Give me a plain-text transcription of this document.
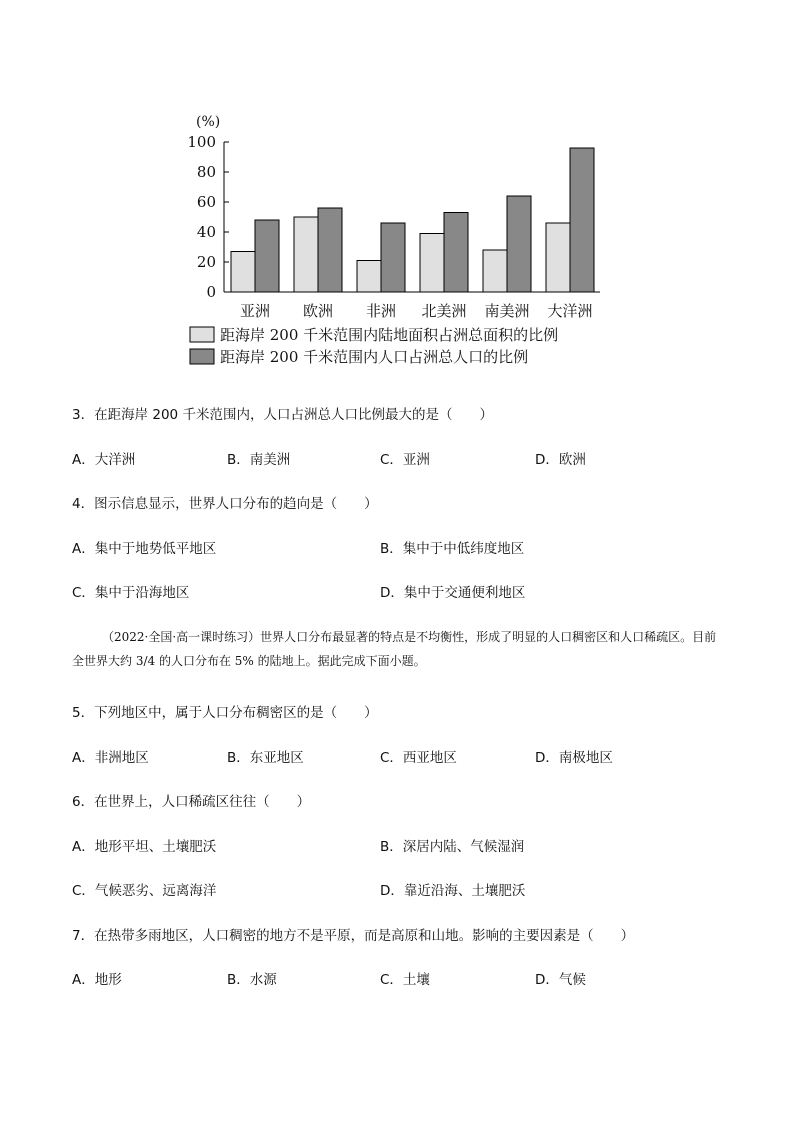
(%)
0
20
40
60
80
100
亚洲 欧洲 非洲 北美洲 南美洲 大洋洲
距海岸 200 千米范围内陆地面积占洲总面积的比例
距海岸 200 千米范围内人口占洲总人口的比例
3．在距海岸 200 千米范围内，人口占洲总人口比例最大的是（　　）
A．大洋洲	B．南美洲	C．亚洲	D．欧洲
4．图示信息显示，世界人口分布的趋向是（　　）
A．集中于地势低平地区	B．集中于中低纬度地区
C．集中于沿海地区	D．集中于交通便利地区
（2022·全国·高一课时练习）世界人口分布最显著的特点是不均衡性，形成了明显的人口稠密区和人口稀疏区。目前全世界大约 3/4 的人口分布在 5% 的陆地上。据此完成下面小题。
5．下列地区中，属于人口分布稠密区的是（　　）
A．非洲地区	B．东亚地区	C．西亚地区	D．南极地区
6．在世界上，人口稀疏区往往（　　）
A．地形平坦、土壤肥沃	B．深居内陆、气候湿润
C．气候恶劣、远离海洋	D．靠近沿海、土壤肥沃
7．在热带多雨地区，人口稠密的地方不是平原，而是高原和山地。影响的主要因素是（　　）
A．地形	B．水源	C．土壤	D．气候
